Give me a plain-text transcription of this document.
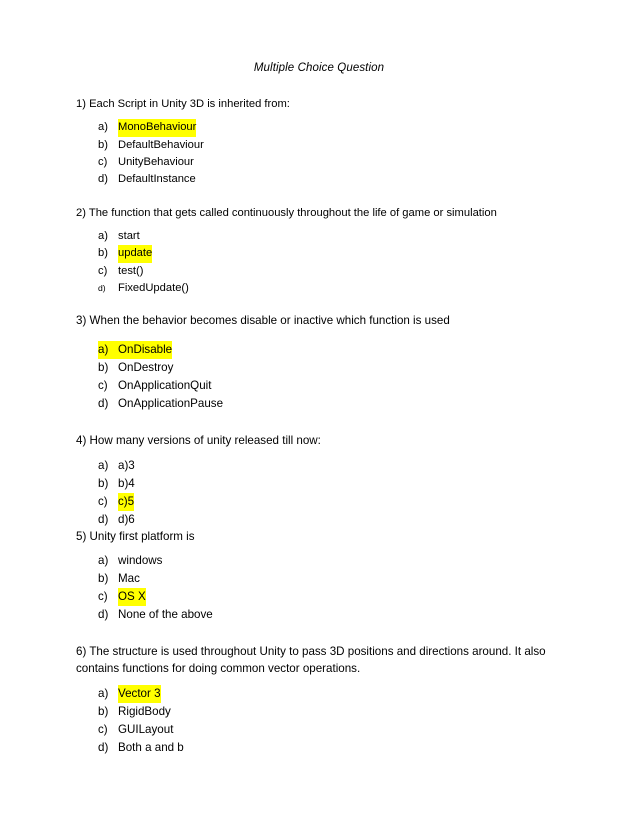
Multiple Choice Question
1) Each Script in Unity 3D is inherited from:
a) MonoBehaviour
b) DefaultBehaviour
c) UnityBehaviour
d) DefaultInstance
2) The function that gets called continuously throughout the life of game or simulation
a) start
b) update
c) test()
d)	FixedUpdate()
3) When the behavior becomes disable or inactive which function is used
a) OnDisable
b) OnDestroy
c) OnApplicationQuit
d) OnApplicationPause
4) How many versions of unity released till now:
a) a)3
b) b)4
c) c)5
d) d)6
5) Unity first platform is
a) windows
b) Mac
c) OS X
d) None of the above
6) The structure is used throughout Unity to pass 3D positions and directions around. It also contains functions for doing common vector operations.
a) Vector 3
b) RigidBody
c) GUILayout
d) Both a and b
